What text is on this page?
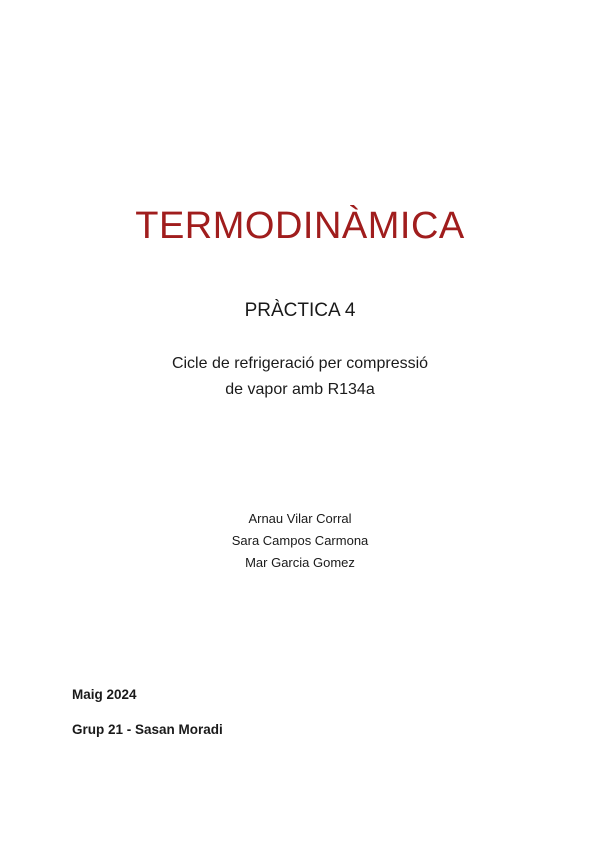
TERMODINÀMICA
PRÀCTICA 4
Cicle de refrigeració per compressió
de vapor amb R134a
Arnau Vilar Corral
Sara Campos Carmona
Mar Garcia Gomez
Maig 2024
Grup 21 - Sasan Moradi
